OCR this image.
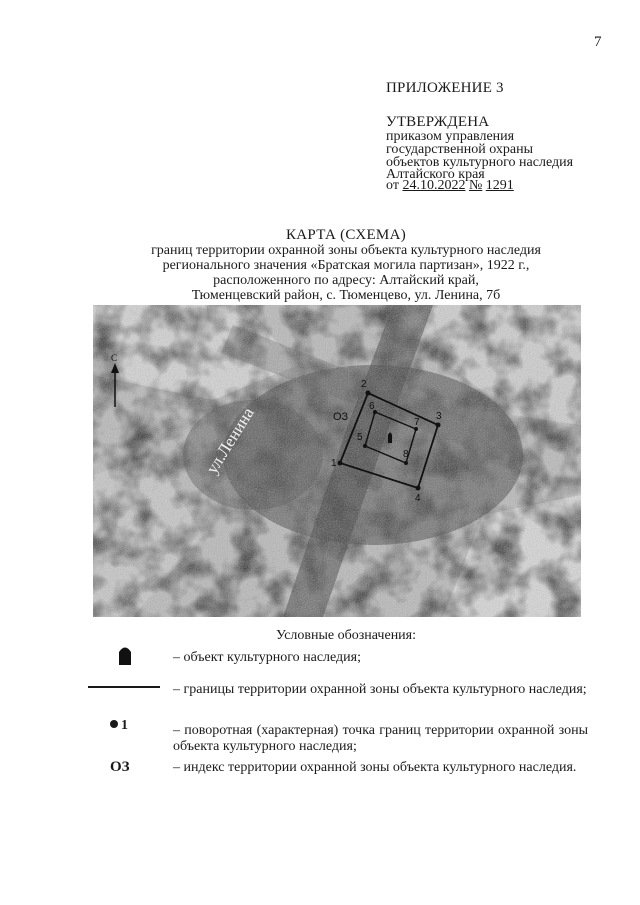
7
ПРИЛОЖЕНИЕ 3
УТВЕРЖДЕНА
приказом управления
государственной охраны
объектов культурного наследия
Алтайского края
от 24.10.2022 № 1291
КАРТА (СХЕМА)
границ территории охранной зоны объекта культурного наследия
регионального значения «Братская могила партизан», 1922 г.,
расположенного по адресу: Алтайский край,
Тюменцевский район, с. Тюменцево, ул. Ленина, 7б
С
ул.Ленина	1
2
3
4
5
6
7
8
ОЗ
Условные обозначения:
– объект культурного наследия;
– границы территории охранной зоны объекта культурного наследия;
1	– поворотная (характерная) точка границ территории охранной зоны объекта культурного наследия;
ОЗ	– индекс территории охранной зоны объекта культурного наследия.
